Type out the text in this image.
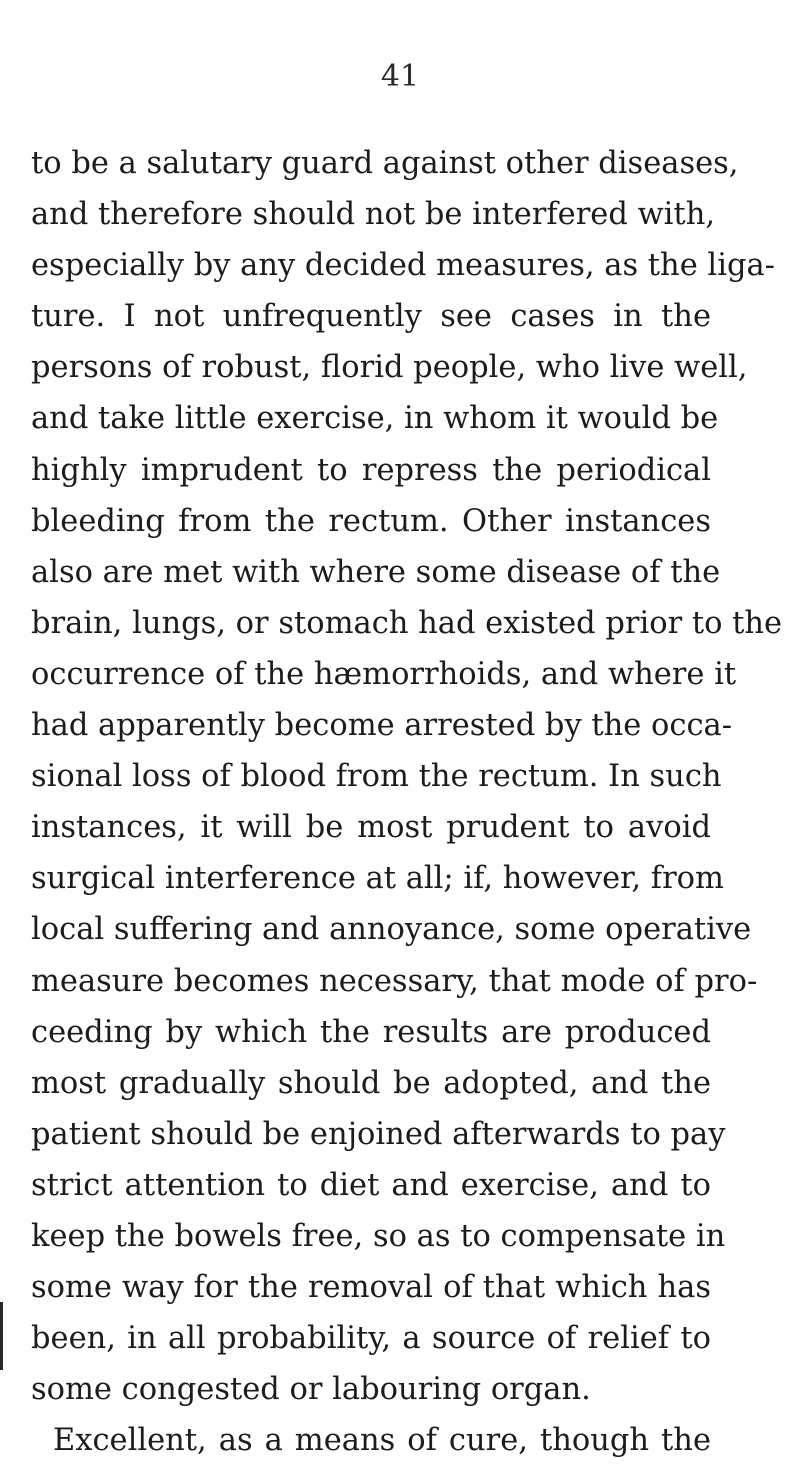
41
to be a salutary guard against other diseases,
and therefore should not be interfered with,
especially by any decided measures, as the liga-
ture. I not unfrequently see cases in the
persons of robust, florid people, who live well,
and take little exercise, in whom it would be
highly imprudent to repress the periodical
bleeding from the rectum. Other instances
also are met with where some disease of the
brain, lungs, or stomach had existed prior to the
occurrence of the hæmorrhoids, and where it
had apparently become arrested by the occa-
sional loss of blood from the rectum. In such
instances, it will be most prudent to avoid
surgical interference at all; if, however, from
local suffering and annoyance, some operative
measure becomes necessary, that mode of pro-
ceeding by which the results are produced
most gradually should be adopted, and the
patient should be enjoined afterwards to pay
strict attention to diet and exercise, and to
keep the bowels free, so as to compensate in
some way for the removal of that which has
been, in all probability, a source of relief to
some congested or labouring organ.
Excellent, as a means of cure, though the
